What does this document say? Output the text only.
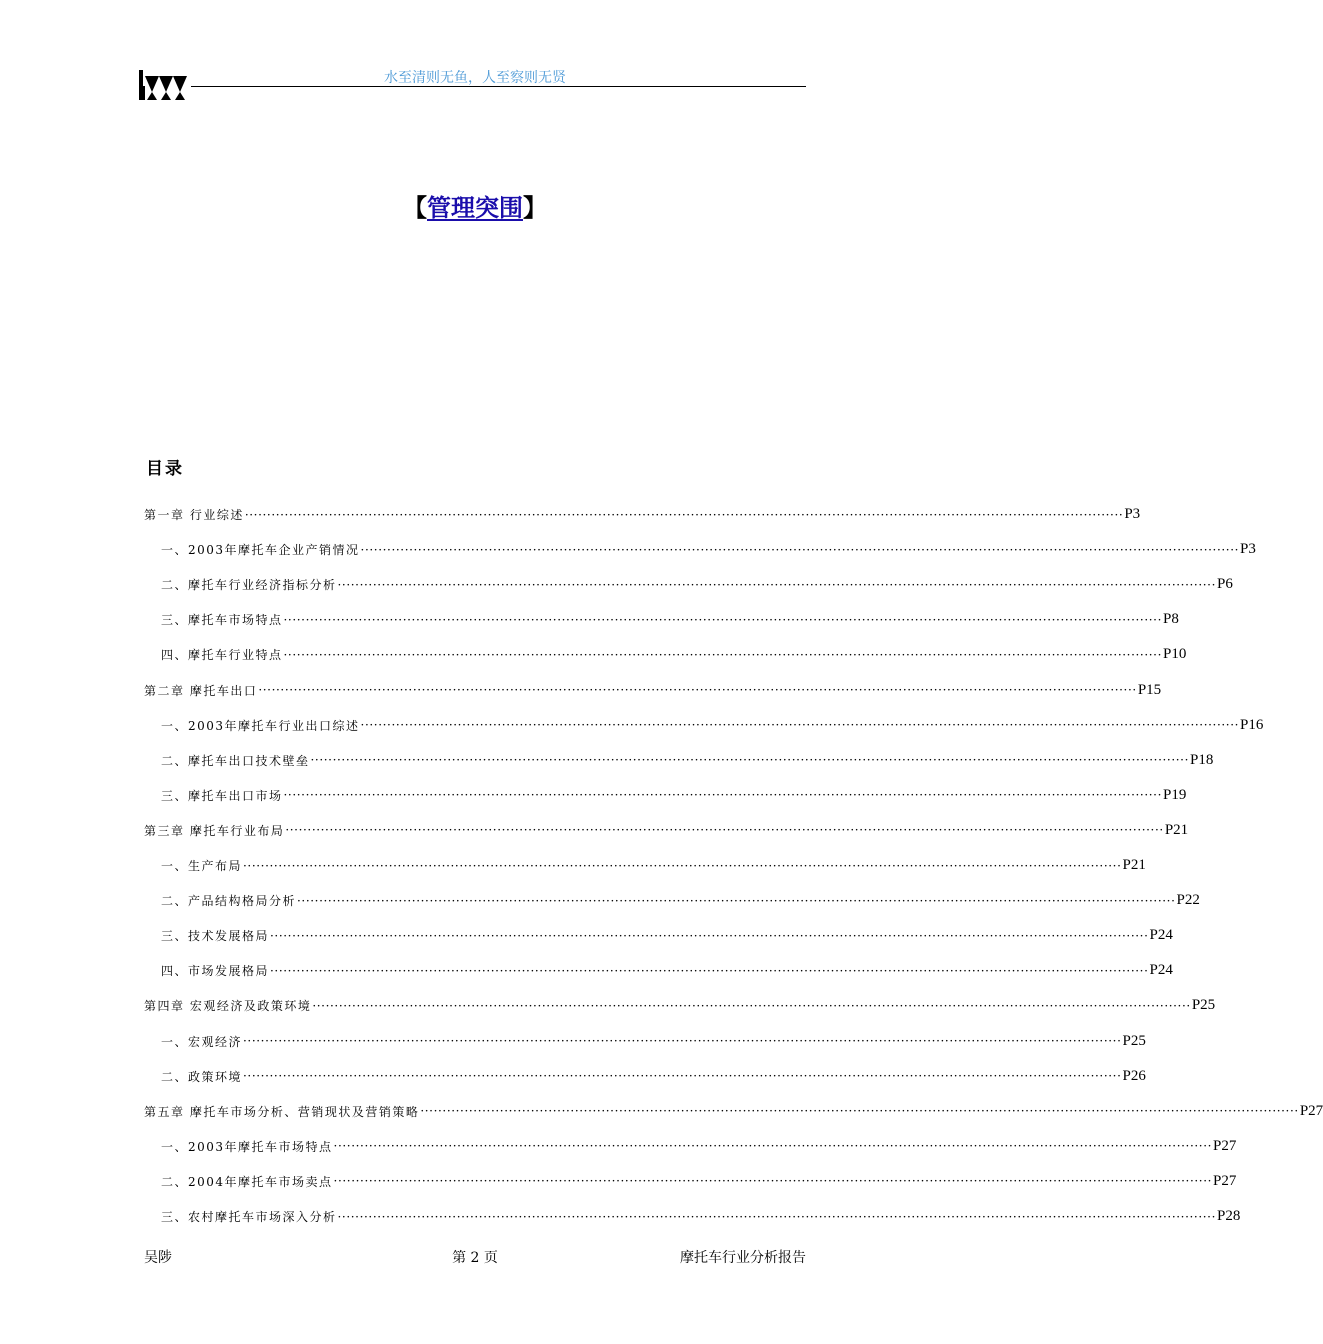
水至清则无鱼，人至察则无贤
【管理突围】
目录
第一章 行业综述 ······································································································································································································· P3
一、2003年摩托车企业产销情况 ······································································································································································································· P3
二、摩托车行业经济指标分析 ······································································································································································································· P6
三、摩托车市场特点 ······································································································································································································· P8
四、摩托车行业特点 ······································································································································································································· P10
第二章 摩托车出口 ······································································································································································································· P15
一、2003年摩托车行业出口综述 ······································································································································································································· P16
二、摩托车出口技术壁垒 ······································································································································································································· P18
三、摩托车出口市场 ······································································································································································································· P19
第三章 摩托车行业布局 ······································································································································································································· P21
一、生产布局 ······································································································································································································· P21
二、产品结构格局分析 ······································································································································································································· P22
三、技术发展格局 ······································································································································································································· P24
四、市场发展格局 ······································································································································································································· P24
第四章 宏观经济及政策环境 ······································································································································································································· P25
一、宏观经济 ······································································································································································································· P25
二、政策环境 ······································································································································································································· P26
第五章 摩托车市场分析、营销现状及营销策略 ······································································································································································································· P27
一、2003年摩托车市场特点 ······································································································································································································· P27
二、2004年摩托车市场卖点 ······································································································································································································· P27
三、农村摩托车市场深入分析 ······································································································································································································· P28
吴陟	第 2 页	摩托车行业分析报告
